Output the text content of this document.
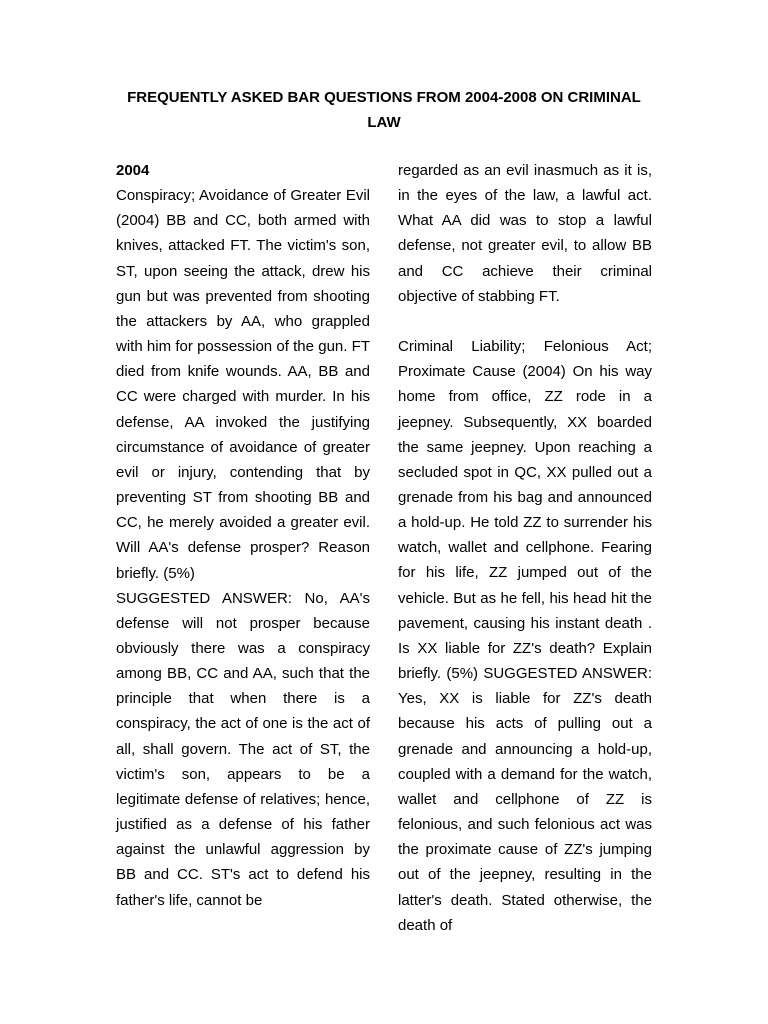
FREQUENTLY ASKED BAR QUESTIONS FROM 2004-2008 ON CRIMINAL LAW

2004

Conspiracy; Avoidance of Greater Evil (2004) BB and CC, both armed with knives, attacked FT. The victim's son, ST, upon seeing the attack, drew his gun but was prevented from shooting the attackers by AA, who grappled with him for possession of the gun. FT died from knife wounds. AA, BB and CC were charged with murder. In his defense, AA invoked the justifying circumstance of avoidance of greater evil or injury, contending that by preventing ST from shooting BB and CC, he merely avoided a greater evil. Will AA's defense prosper? Reason briefly. (5%)

SUGGESTED ANSWER: No, AA's defense will not prosper because obviously there was a conspiracy among BB, CC and AA, such that the principle that when there is a conspiracy, the act of one is the act of all, shall govern. The act of ST, the victim's son, appears to be a legitimate defense of relatives; hence, justified as a defense of his father against the unlawful aggression by BB and CC. ST's act to defend his father's life, cannot be

regarded as an evil inasmuch as it is, in the eyes of the law, a lawful act. What AA did was to stop a lawful defense, not greater evil, to allow BB and CC achieve their criminal objective of stabbing FT.

Criminal Liability; Felonious Act; Proximate Cause (2004) On his way home from office, ZZ rode in a jeepney. Subsequently, XX boarded the same jeepney. Upon reaching a secluded spot in QC, XX pulled out a grenade from his bag and announced a hold-up. He told ZZ to surrender his watch, wallet and cellphone. Fearing for his life, ZZ jumped out of the vehicle. But as he fell, his head hit the pavement, causing his instant death . Is XX liable for ZZ's death? Explain briefly. (5%) SUGGESTED ANSWER: Yes, XX is liable for ZZ's death because his acts of pulling out a grenade and announcing a hold-up, coupled with a demand for the watch, wallet and cellphone of ZZ is felonious, and such felonious act was the proximate cause of ZZ's jumping out of the jeepney, resulting in the latter's death. Stated otherwise, the death of
